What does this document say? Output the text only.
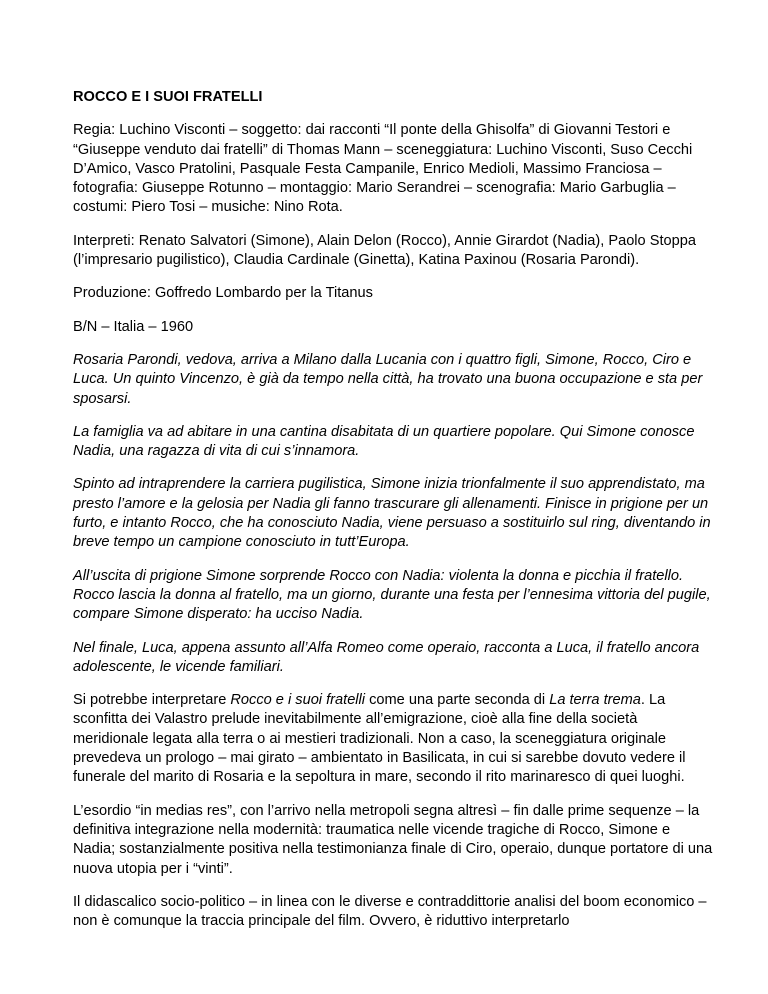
ROCCO E I SUOI FRATELLI

Regia: Luchino Visconti – soggetto: dai racconti “Il ponte della Ghisolfa” di Giovanni Testori e “Giuseppe venduto dai fratelli” di Thomas Mann – sceneggiatura: Luchino Visconti, Suso Cecchi D’Amico, Vasco Pratolini, Pasquale Festa Campanile, Enrico Medioli, Massimo Franciosa – fotografia: Giuseppe Rotunno – montaggio: Mario Serandrei – scenografia: Mario Garbuglia – costumi: Piero Tosi – musiche: Nino Rota.

Interpreti: Renato Salvatori (Simone), Alain Delon (Rocco), Annie Girardot (Nadia), Paolo Stoppa (l’impresario pugilistico), Claudia Cardinale (Ginetta), Katina Paxinou (Rosaria Parondi).

Produzione: Goffredo Lombardo per la Titanus

B/N – Italia – 1960

Rosaria Parondi, vedova, arriva a Milano dalla Lucania con i quattro figli, Simone, Rocco, Ciro e Luca. Un quinto Vincenzo, è già da tempo nella città, ha trovato una buona occupazione e sta per sposarsi.

La famiglia va ad abitare in una cantina disabitata di un quartiere popolare. Qui Simone conosce Nadia, una ragazza di vita di cui s’innamora.

Spinto ad intraprendere la carriera pugilistica, Simone inizia trionfalmente il suo apprendistato, ma presto l’amore e la gelosia per Nadia gli fanno trascurare gli allenamenti. Finisce in prigione per un furto, e intanto Rocco, che ha conosciuto Nadia, viene persuaso a sostituirlo sul ring, diventando in breve tempo un campione conosciuto in tutt’Europa.

All’uscita di prigione Simone sorprende Rocco con Nadia: violenta la donna e picchia il fratello. Rocco lascia la donna al fratello, ma un giorno, durante una festa per l’ennesima vittoria del pugile, compare Simone disperato: ha ucciso Nadia.

Nel finale, Luca, appena assunto all’Alfa Romeo come operaio, racconta a Luca, il fratello ancora adolescente, le vicende familiari.

Si potrebbe interpretare Rocco e i suoi fratelli come una parte seconda di La terra trema. La sconfitta dei Valastro prelude inevitabilmente all’emigrazione, cioè alla fine della società meridionale legata alla terra o ai mestieri tradizionali. Non a caso, la sceneggiatura originale prevedeva un prologo – mai girato – ambientato in Basilicata, in cui si sarebbe dovuto vedere il funerale del marito di Rosaria e la sepoltura in mare, secondo il rito marinaresco di quei luoghi.

L’esordio “in medias res”, con l’arrivo nella metropoli segna altresì – fin dalle prime sequenze – la definitiva integrazione nella modernità: traumatica nelle vicende tragiche di Rocco, Simone e Nadia; sostanzialmente positiva nella testimonianza finale di Ciro, operaio, dunque portatore di una nuova utopia per i “vinti”.

Il didascalico socio-politico – in linea con le diverse e contraddittorie analisi del boom economico – non è comunque la traccia principale del film. Ovvero, è riduttivo interpretarlo
